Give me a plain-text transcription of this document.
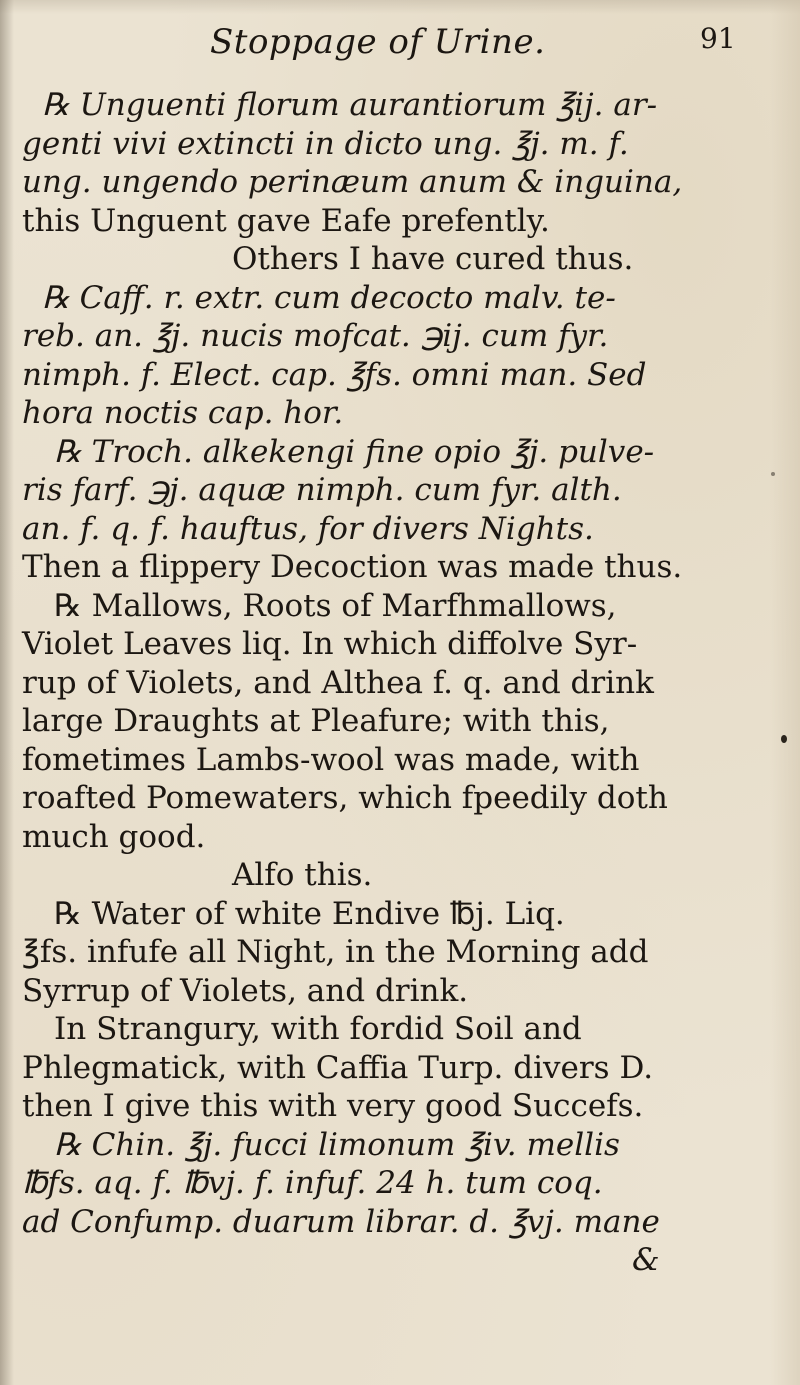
Stoppage of Urine.	91
℞ Unguenti florum aurantiorum ℥ij. ar-
genti vivi extincti in dicto ung. ℥j. m. f.
ung. ungendo perinæum anum & inguina,
this Unguent gave Eafe prefently.
Others I have cured thus.
℞ Caff. r. extr. cum decocto malv. te-
reb. an. ℥j. nucis mofcat. ℈ij. cum fyr.
nimph. f. Elect. cap. ℥fs. omni man. Sed
hora noctis cap. hor.
℞ Troch. alkekengi fine opio ℥j. pulve-
ris farf. ℈j. aquæ nimph. cum fyr. alth.
an. f. q. f. hauftus, for divers Nights.
Then a flippery Decoction was made thus.
℞ Mallows, Roots of Marfhmallows,
Violet Leaves liq. In which diffolve Syr-
rup of Violets, and Althea f. q. and drink
large Draughts at Pleafure; with this,
fometimes Lambs-wool was made, with
roafted Pomewaters, which fpeedily doth
much good.
Alfo this.
℞ Water of white Endive ℔j. Liq.
℥fs. infufe all Night, in the Morning add
Syrrup of Violets, and drink.
In Strangury, with fordid Soil and
Phlegmatick, with Caffia Turp. divers D.
then I give this with very good Succefs.
℞ Chin. ℥j. fucci limonum ℥iv. mellis
℔fs. aq. f. ℔vj. f. infuf. 24 h. tum coq.
ad Confump. duarum librar. d. ℥vj. mane
&
